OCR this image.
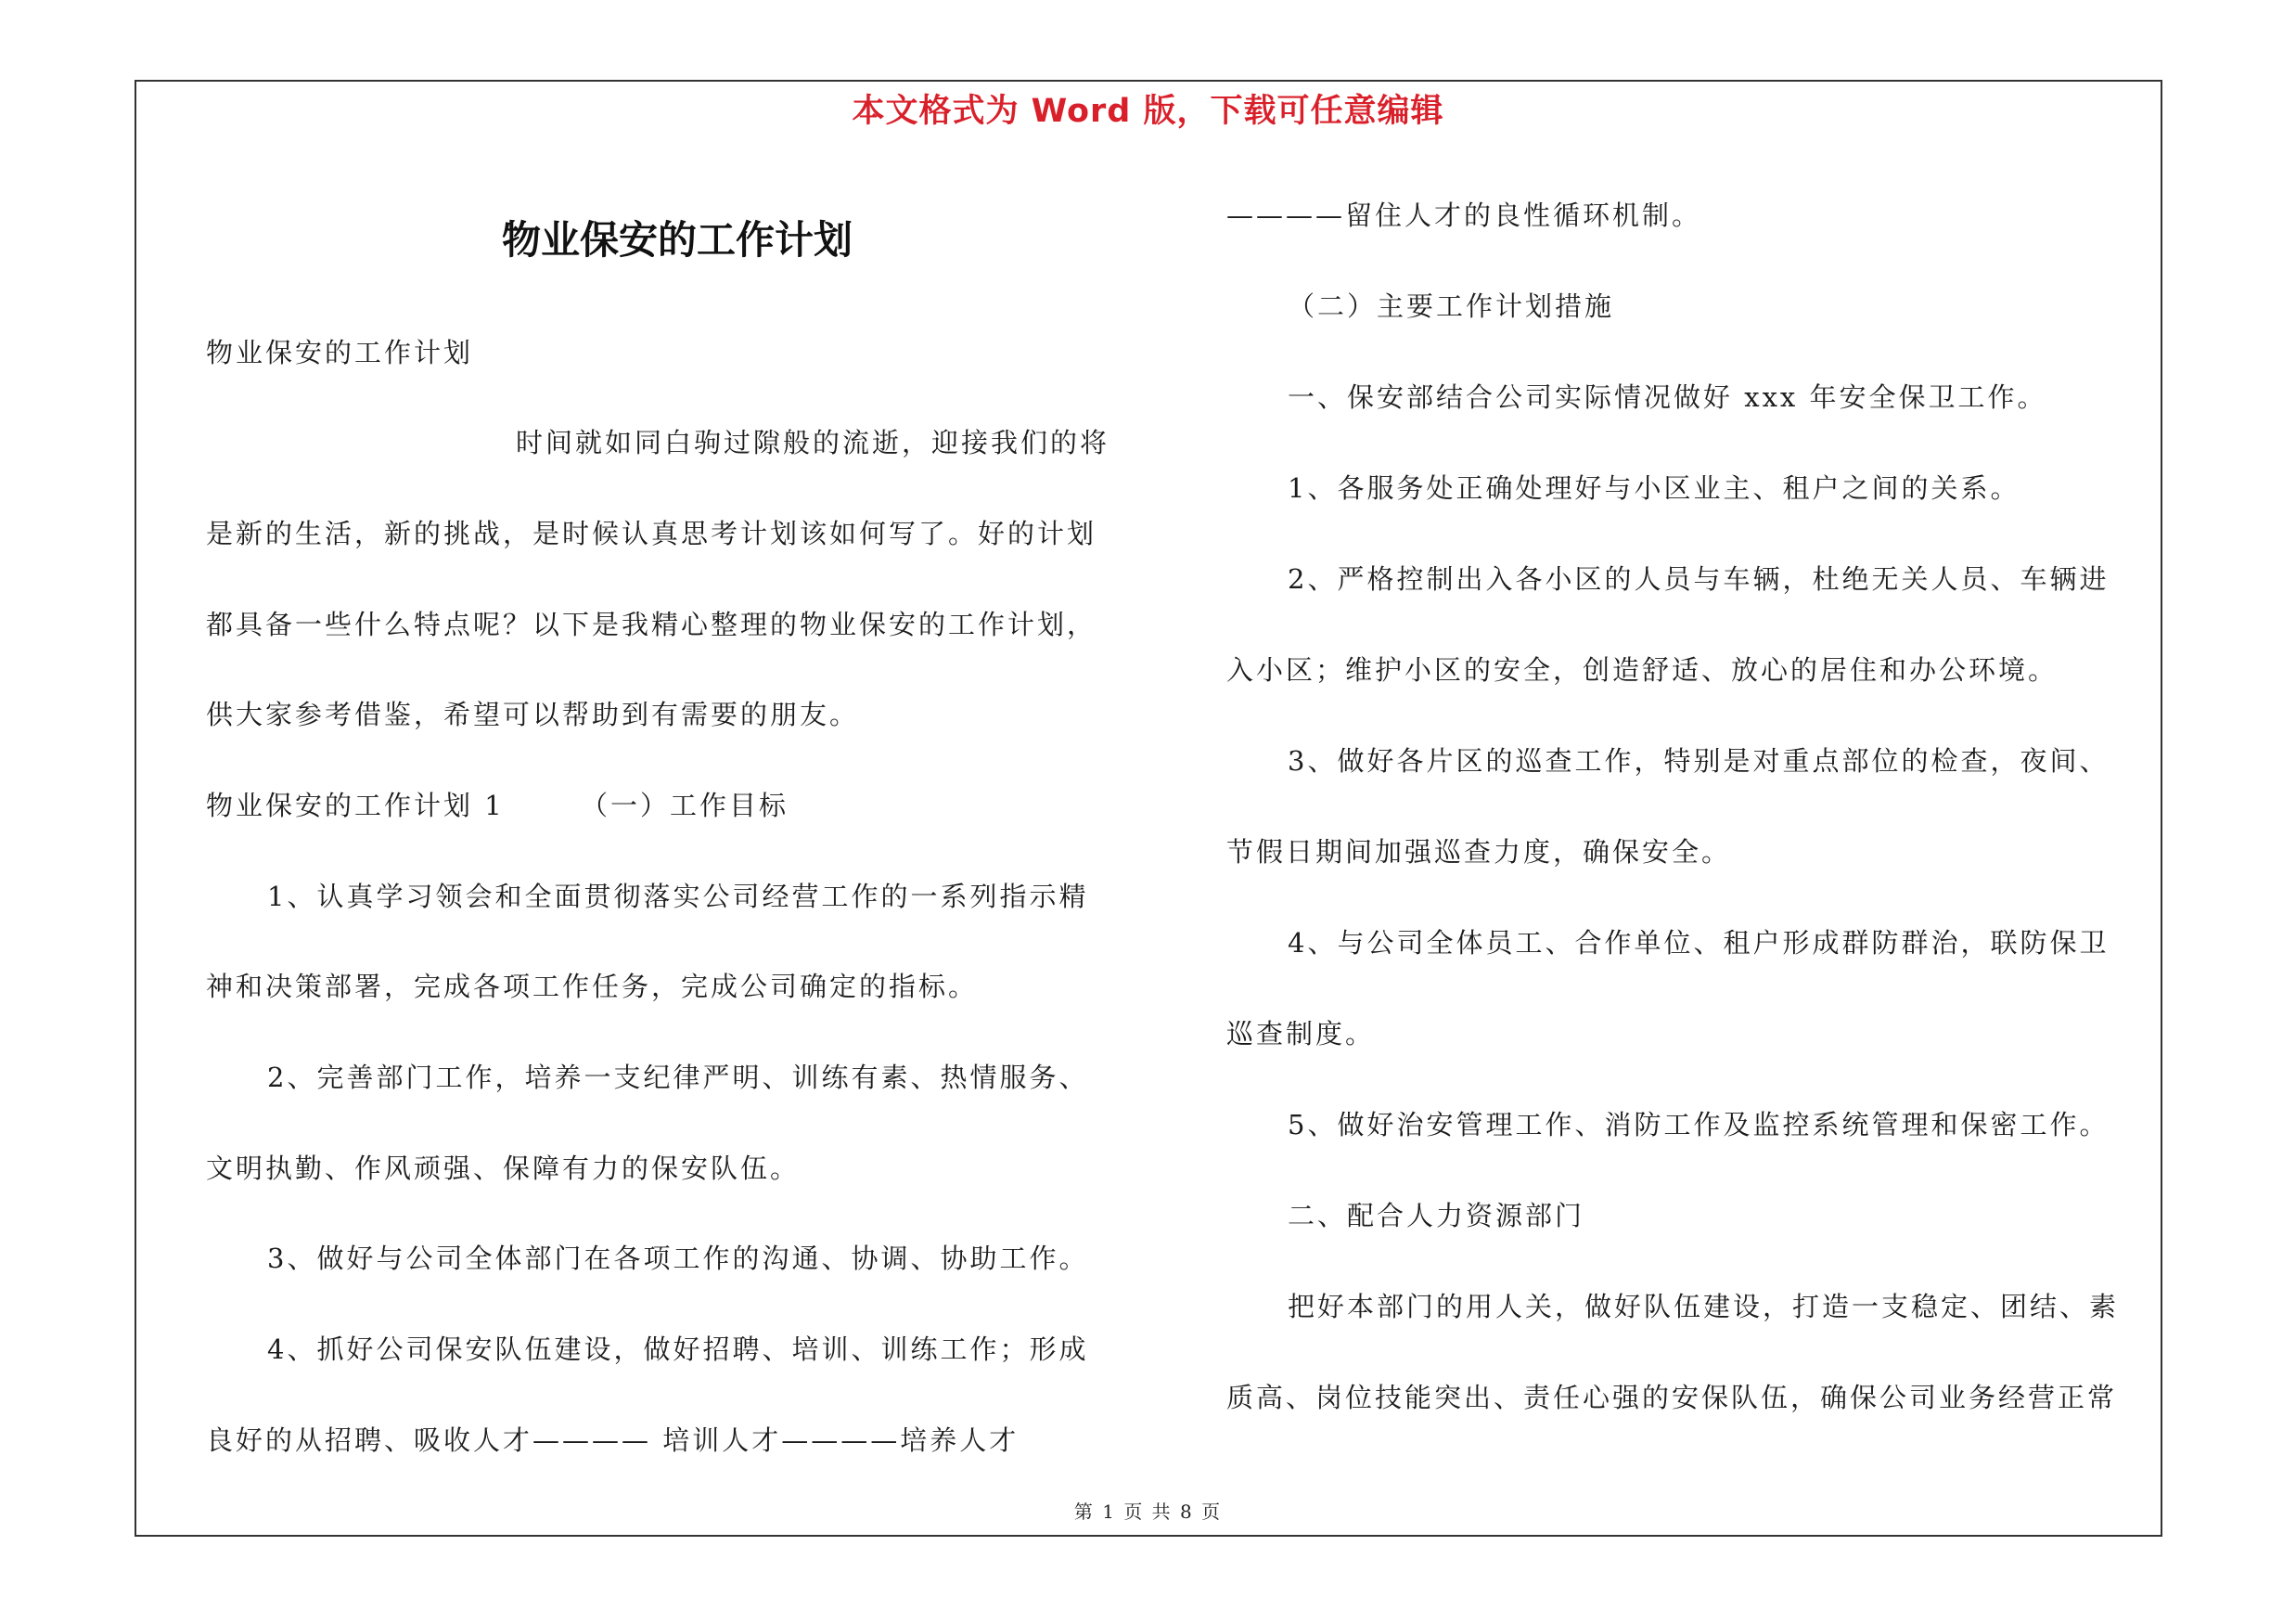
本文格式为 Word 版，下载可任意编辑
物业保安的工作计划
物业保安的工作计划
时间就如同白驹过隙般的流逝，迎接我们的将
是新的生活，新的挑战，是时候认真思考计划该如何写了。好的计划
都具备一些什么特点呢？以下是我精心整理的物业保安的工作计划，
供大家参考借鉴，希望可以帮助到有需要的朋友。
物业保安的工作计划 1	（一）工作目标
1、认真学习领会和全面贯彻落实公司经营工作的一系列指示精
神和决策部署，完成各项工作任务，完成公司确定的指标。
2、完善部门工作，培养一支纪律严明、训练有素、热情服务、
文明执勤、作风顽强、保障有力的保安队伍。
3、做好与公司全体部门在各项工作的沟通、协调、协助工作。
4、抓好公司保安队伍建设，做好招聘、培训、训练工作；形成
良好的从招聘、吸收人才———— 培训人才————培养人才
————留住人才的良性循环机制。
（二）主要工作计划措施
一、保安部结合公司实际情况做好 xxx 年安全保卫工作。
1、各服务处正确处理好与小区业主、租户之间的关系。
2、严格控制出入各小区的人员与车辆，杜绝无关人员、车辆进
入小区；维护小区的安全，创造舒适、放心的居住和办公环境。
3、做好各片区的巡查工作，特别是对重点部位的检查，夜间、
节假日期间加强巡查力度，确保安全。
4、与公司全体员工、合作单位、租户形成群防群治，联防保卫
巡查制度。
5、做好治安管理工作、消防工作及监控系统管理和保密工作。
二、配合人力资源部门
把好本部门的用人关，做好队伍建设，打造一支稳定、团结、素
质高、岗位技能突出、责任心强的安保队伍，确保公司业务经营正常
第 1 页 共 8 页
